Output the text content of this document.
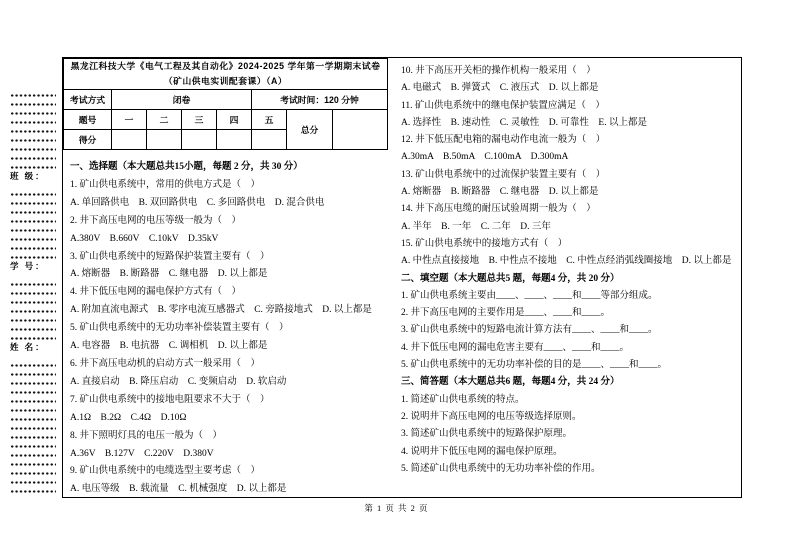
班 级：
学 号：
姓 名：
黑龙江科技大学《电气工程及其自动化》2024-2025 学年第一学期期末试卷（矿山供电实训配套课）（A）							
考试方式	闭卷				考试时间：120 分钟		
题号	一	二	三	四	五	总分	
得分							
一、选择题（本大题总共15小题，每题 2 分，共 30 分）
1. 矿山供电系统中，常用的供电方式是（　）
A. 单回路供电　B. 双回路供电　C. 多回路供电　D. 混合供电
2. 井下高压电网的电压等级一般为（　）
A.380V　B.660V　C.10kV　D.35kV
3. 矿山供电系统中的短路保护装置主要有（　）
A. 熔断器　B. 断路器　C. 继电器　D. 以上都是
4. 井下低压电网的漏电保护方式有（　）
A. 附加直流电源式　B. 零序电流互感器式　C. 旁路接地式　D. 以上都是
5. 矿山供电系统中的无功功率补偿装置主要有（　）
A. 电容器　B. 电抗器　C. 调相机　D. 以上都是
6. 井下高压电动机的启动方式一般采用（　）
A. 直接启动　B. 降压启动　C. 变频启动　D. 软启动
7. 矿山供电系统中的接地电阻要求不大于（　）
A.1Ω　B.2Ω　C.4Ω　D.10Ω
8. 井下照明灯具的电压一般为（　）
A.36V　B.127V　C.220V　D.380V
9. 矿山供电系统中的电缆选型主要考虑（　）
A. 电压等级　B. 载流量　C. 机械强度　D. 以上都是
10. 井下高压开关柜的操作机构一般采用（　）
A. 电磁式　B. 弹簧式　C. 液压式　D. 以上都是
11. 矿山供电系统中的继电保护装置应满足（　）
A. 选择性　B. 速动性　C. 灵敏性　D. 可靠性　E. 以上都是
12. 井下低压配电箱的漏电动作电流一般为（　）
A.30mA　B.50mA　C.100mA　D.300mA
13. 矿山供电系统中的过流保护装置主要有（　）
A. 熔断器　B. 断路器　C. 继电器　D. 以上都是
14. 井下高压电缆的耐压试验周期一般为（　）
A. 半年　B. 一年　C. 二年　D. 三年
15. 矿山供电系统中的接地方式有（　）
A. 中性点直接接地　B. 中性点不接地　C. 中性点经消弧线圈接地　D. 以上都是
二、填空题（本大题总共5 题，每题4 分，共 20 分）
1. 矿山供电系统主要由____、____、____和____等部分组成。
2. 井下高压电网的主要作用是____、____和____。
3. 矿山供电系统中的短路电流计算方法有____、____和____。
4. 井下低压电网的漏电危害主要有____、____和____。
5. 矿山供电系统中的无功功率补偿的目的是____、____和____。
三、简答题（本大题总共6 题，每题4 分，共 24 分）
1. 简述矿山供电系统的特点。
2. 说明井下高压电网的电压等级选择原则。
3. 简述矿山供电系统中的短路保护原理。
4. 说明井下低压电网的漏电保护原理。
5. 简述矿山供电系统中的无功功率补偿的作用。
第 1 页 共 2 页
